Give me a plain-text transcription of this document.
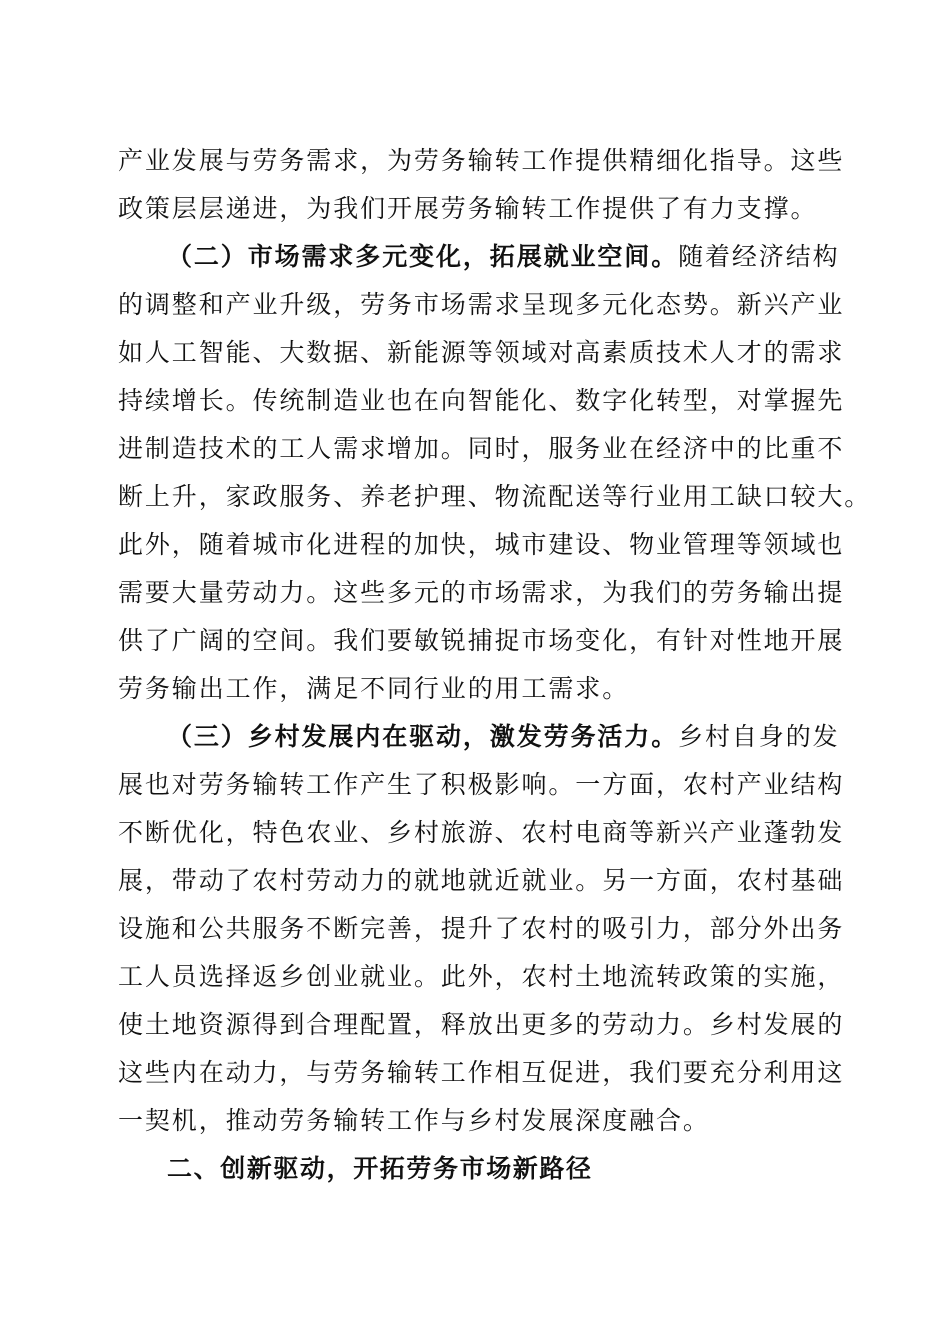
产业发展与劳务需求，为劳务输转工作提供精细化指导。这些
政策层层递进，为我们开展劳务输转工作提供了有力支撑。
（二）市场需求多元变化，拓展就业空间。随着经济结构
的调整和产业升级，劳务市场需求呈现多元化态势。新兴产业
如人工智能、大数据、新能源等领域对高素质技术人才的需求
持续增长。传统制造业也在向智能化、数字化转型，对掌握先
进制造技术的工人需求增加。同时，服务业在经济中的比重不
断上升，家政服务、养老护理、物流配送等行业用工缺口较大。
此外，随着城市化进程的加快，城市建设、物业管理等领域也
需要大量劳动力。这些多元的市场需求，为我们的劳务输出提
供了广阔的空间。我们要敏锐捕捉市场变化，有针对性地开展
劳务输出工作，满足不同行业的用工需求。
（三）乡村发展内在驱动，激发劳务活力。乡村自身的发
展也对劳务输转工作产生了积极影响。一方面，农村产业结构
不断优化，特色农业、乡村旅游、农村电商等新兴产业蓬勃发
展，带动了农村劳动力的就地就近就业。另一方面，农村基础
设施和公共服务不断完善，提升了农村的吸引力，部分外出务
工人员选择返乡创业就业。此外，农村土地流转政策的实施，
使土地资源得到合理配置，释放出更多的劳动力。乡村发展的
这些内在动力，与劳务输转工作相互促进，我们要充分利用这
一契机，推动劳务输转工作与乡村发展深度融合。
二、创新驱动，开拓劳务市场新路径
